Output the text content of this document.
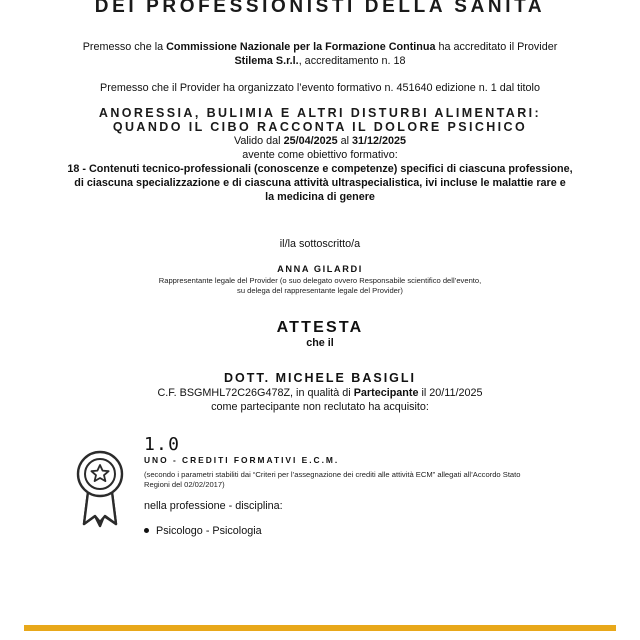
DEI PROFESSIONISTI DELLA SANITA

Premesso che la Commissione Nazionale per la Formazione Continua ha accreditato il Provider

Stilema S.r.l., accreditamento n. 18

Premesso che il Provider ha organizzato l’evento formativo n. 451640 edizione n. 1 dal titolo

ANORESSIA, BULIMIA E ALTRI DISTURBI ALIMENTARI:

QUANDO IL CIBO RACCONTA IL DOLORE PSICHICO

Valido dal 25/04/2025 al 31/12/2025

avente come obiettivo formativo:

18 - Contenuti tecnico-professionali (conoscenze e competenze) specifici di ciascuna professione,

di ciascuna specializzazione e di ciascuna attività ultraspecialistica, ivi incluse le malattie rare e

la medicina di genere

il/la sottoscritto/a

ANNA GILARDI

Rappresentante legale del Provider (o suo delegato ovvero Responsabile scientifico dell’evento,

su delega del rappresentante legale del Provider)

ATTESTA

che il

DOTT. MICHELE BASIGLI

C.F. BSGMHL72C26G478Z, in qualità di Partecipante il 20/11/2025

come partecipante non reclutato ha acquisito:

1.0
UNO - CREDITI FORMATIVI E.C.M.
(secondo i parametri stabiliti dai “Criteri per l’assegnazione dei crediti alle attività ECM” allegati all’Accordo Stato
Regioni del 02/02/2017)
nella professione - disciplina:
Psicologo - Psicologia
